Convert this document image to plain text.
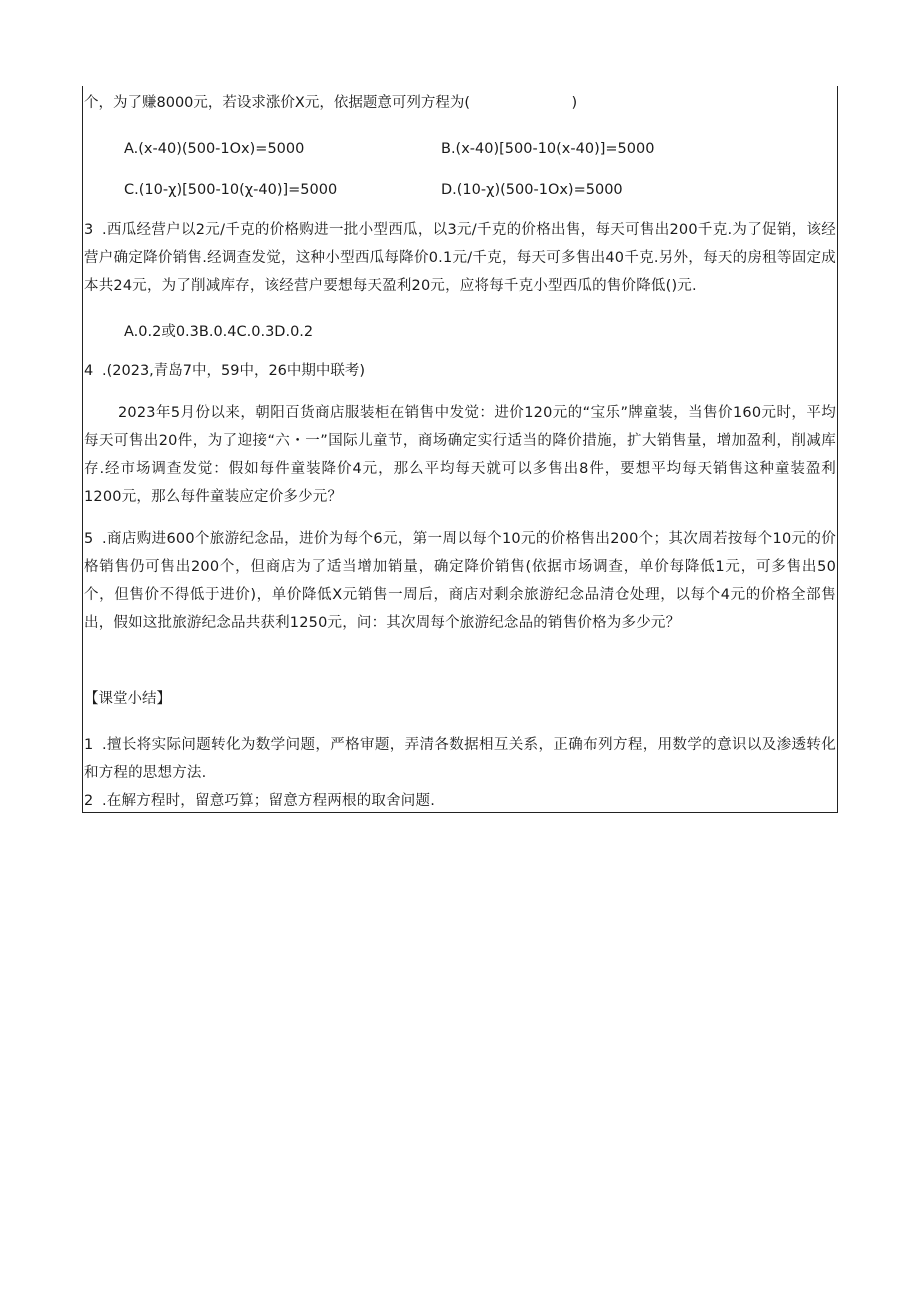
个，为了赚8000元，若设求涨价X元，依据题意可列方程为(　　　　　　　)
A.(x-40)(500-1Ox)=5000	B.(x-40)[500-10(x-40)]=5000
C.(10-χ)[500-10(χ-40)]=5000	D.(10-χ)(500-1Ox)=5000
3 .西瓜经营户以2元/千克的价格购进一批小型西瓜，以3元/千克的价格出售，每天可售出200千克.为了促销，该经营户确定降价销售.经调查发觉，这种小型西瓜每降价0.1元/千克，每天可多售出40千克.另外，每天的房租等固定成本共24元，为了削减库存，该经营户要想每天盈利20元，应将每千克小型西瓜的售价降低()元.
A.0.2或0.3B.0.4C.0.3D.0.2
4 .(2023,青岛7中，59中，26中期中联考)
2023年5月份以来，朝阳百货商店服装柜在销售中发觉：进价120元的“宝乐”牌童装，当售价160元时，平均每天可售出20件，为了迎接“六・一”国际儿童节，商场确定实行适当的降价措施，扩大销售量，增加盈利，削减库存.经市场调查发觉：假如每件童装降价4元，那么平均每天就可以多售出8件，要想平均每天销售这种童装盈利1200元，那么每件童装应定价多少元？
5 .商店购进600个旅游纪念品，进价为每个6元，第一周以每个10元的价格售出200个；其次周若按每个10元的价格销售仍可售出200个，但商店为了适当增加销量，确定降价销售(依据市场调查，单价每降低1元，可多售出50个，但售价不得低于进价)，单价降低X元销售一周后，商店对剩余旅游纪念品清仓处理，以每个4元的价格全部售出，假如这批旅游纪念品共获利1250元，问：其次周每个旅游纪念品的销售价格为多少元？
【课堂小结】
1 .擅长将实际问题转化为数学问题，严格审题，弄清各数据相互关系，正确布列方程，用数学的意识以及渗透转化和方程的思想方法.
2 .在解方程时，留意巧算；留意方程两根的取舍问题.
